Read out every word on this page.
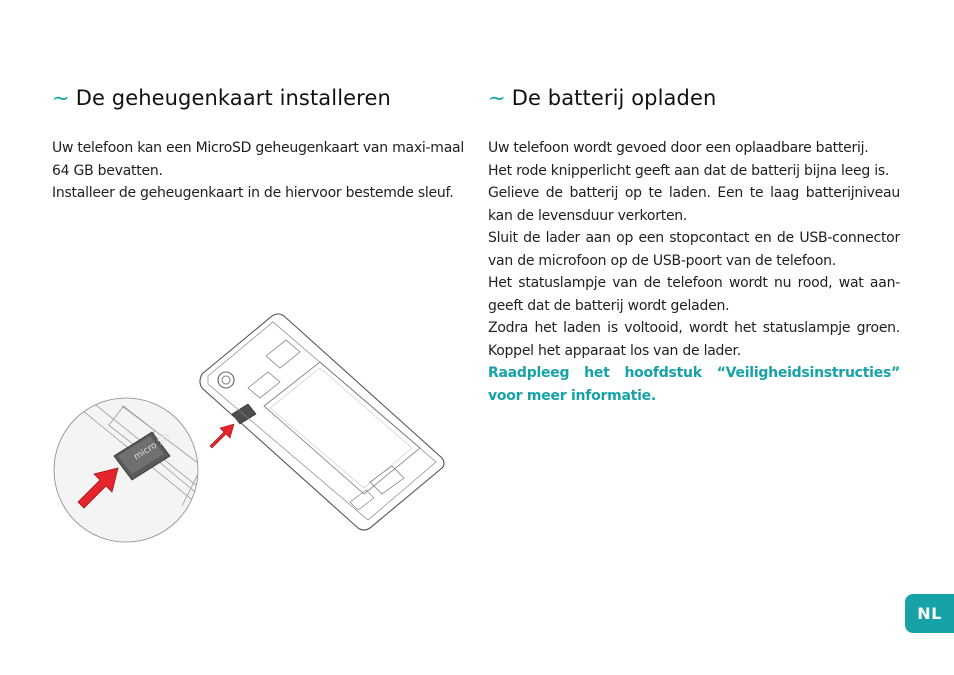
~ De geheugenkaart installeren
Uw telefoon kan een MicroSD geheugenkaart van maxi-maal 64 GB bevatten.
Installeer de geheugenkaart in de hiervoor bestemde sleuf.
micro SD
~ De batterij opladen
Uw telefoon wordt gevoed door een oplaadbare batterij.
Het rode knipperlicht geeft aan dat de batterij bijna leeg is.
Gelieve de batterij op te laden. Een te laag batterijniveau kan de levensduur verkorten.
Sluit de lader aan op een stopcontact en de USB-connector van de microfoon op de USB-poort van de telefoon.
Het statuslampje van de telefoon wordt nu rood, wat aan-geeft dat de batterij wordt geladen.
Zodra het laden is voltooid, wordt het statuslampje groen. Koppel het apparaat los van de lader.
Raadpleeg het hoofdstuk “Veiligheidsinstructies” voor meer informatie.
NL
